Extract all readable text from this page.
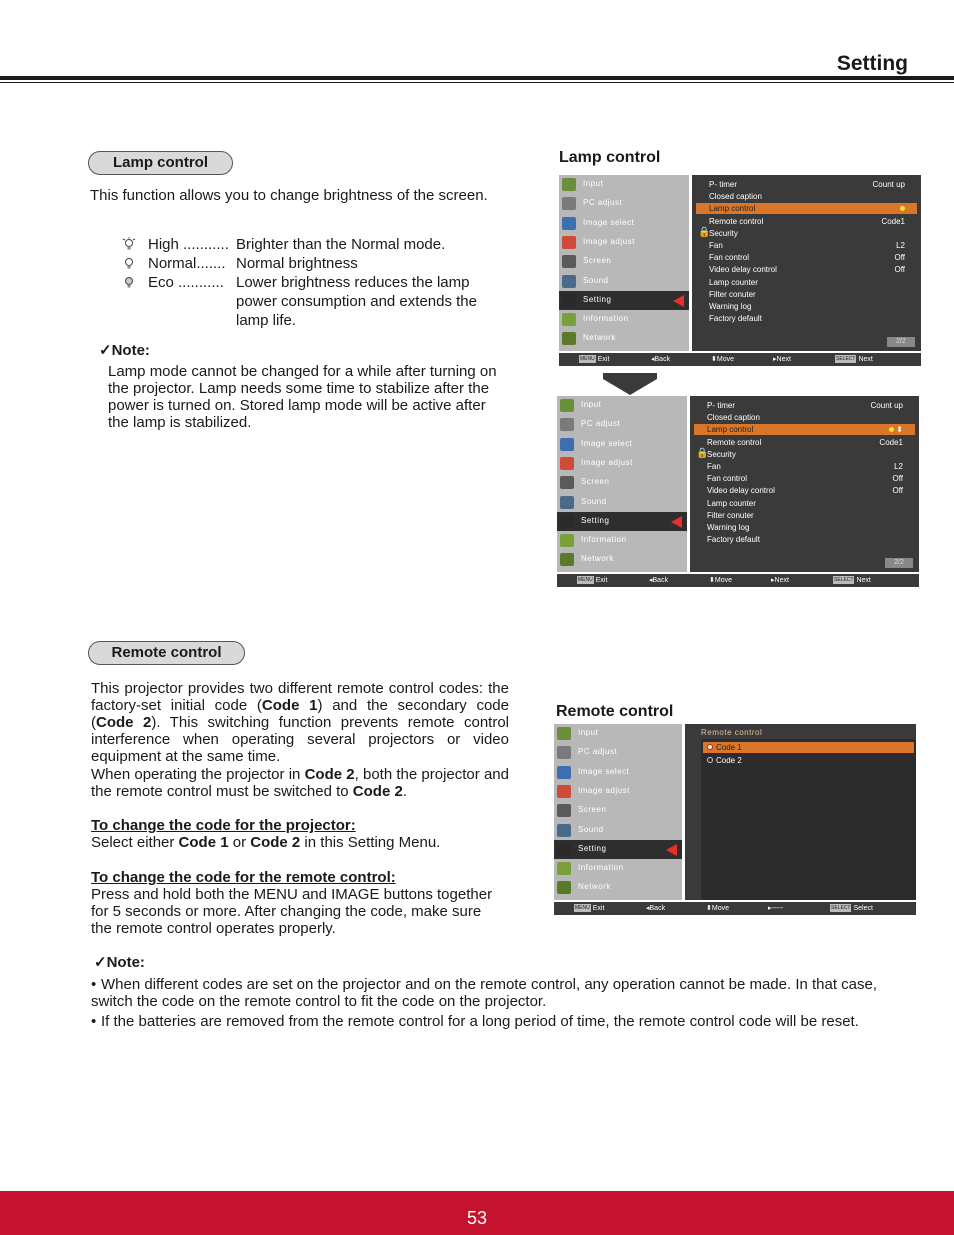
Setting
Lamp control
This function allows you to change brightness of the screen.
High ........... Brighter than the Normal mode.
Normal....... Normal brightness
Eco ........... Lower brightness reduces the lamp power consumption and extends the lamp life.
✓Note:
Lamp mode cannot be changed for a while after turning on the projector. Lamp needs some time to stabilize after the power is turned on. Stored lamp mode will be active after the lamp is stabilized.
Lamp control
Input
PC adjust
Image select
Image adjust
Screen
Sound
Setting
Information
Network
P- timer	Count up
Closed caption
Lamp control
Remote control	Code1
Security
🔒
Fan	L2
Fan control	Off
Video delay control	Off
Lamp counter
Filter conuter
Warning log
Factory default
2/2
MENU Exit	◂Back	⬍Move	▸Next	SELECT Next
Input
PC adjust
Image select
Image adjust
Screen
Sound
Setting
Information
Network
P- timer	Count up
Closed caption
Lamp control	⬍
Remote control	Code1
Security
🔒
Fan	L2
Fan control	Off
Video delay control	Off
Lamp counter
Filter conuter
Warning log
Factory default
2/2
MENU Exit	◂Back	⬍Move	▸Next	SELECT Next
Remote control
This projector provides two different remote control codes: the factory-set initial code (Code 1) and the secondary code (Code 2). This switching function prevents remote control interference when operating several projectors or video equipment at the same time.
When operating the projector in Code 2, both the projector and the remote control must be switched to Code 2.
To change the code for the projector:
Select either Code 1 or Code 2 in this Setting Menu.
To change the code for the remote control:
Press and hold both the MENU and IMAGE buttons together for 5 seconds or more. After changing the code, make sure the remote control operates properly.
Remote control
Input
PC adjust
Image select
Image adjust
Screen
Sound
Setting
Information
Network
Remote control
Code 1
Code 2
MENU Exit	◂Back	⬍Move	▸-----	SELECT Select
✓Note:
• When different codes are set on the projector and on the remote control, any operation cannot be made. In that case, switch the code on the remote control to fit the code on the projector.
• If the batteries are removed from the remote control for a long period of time, the remote control code will be reset.
53
